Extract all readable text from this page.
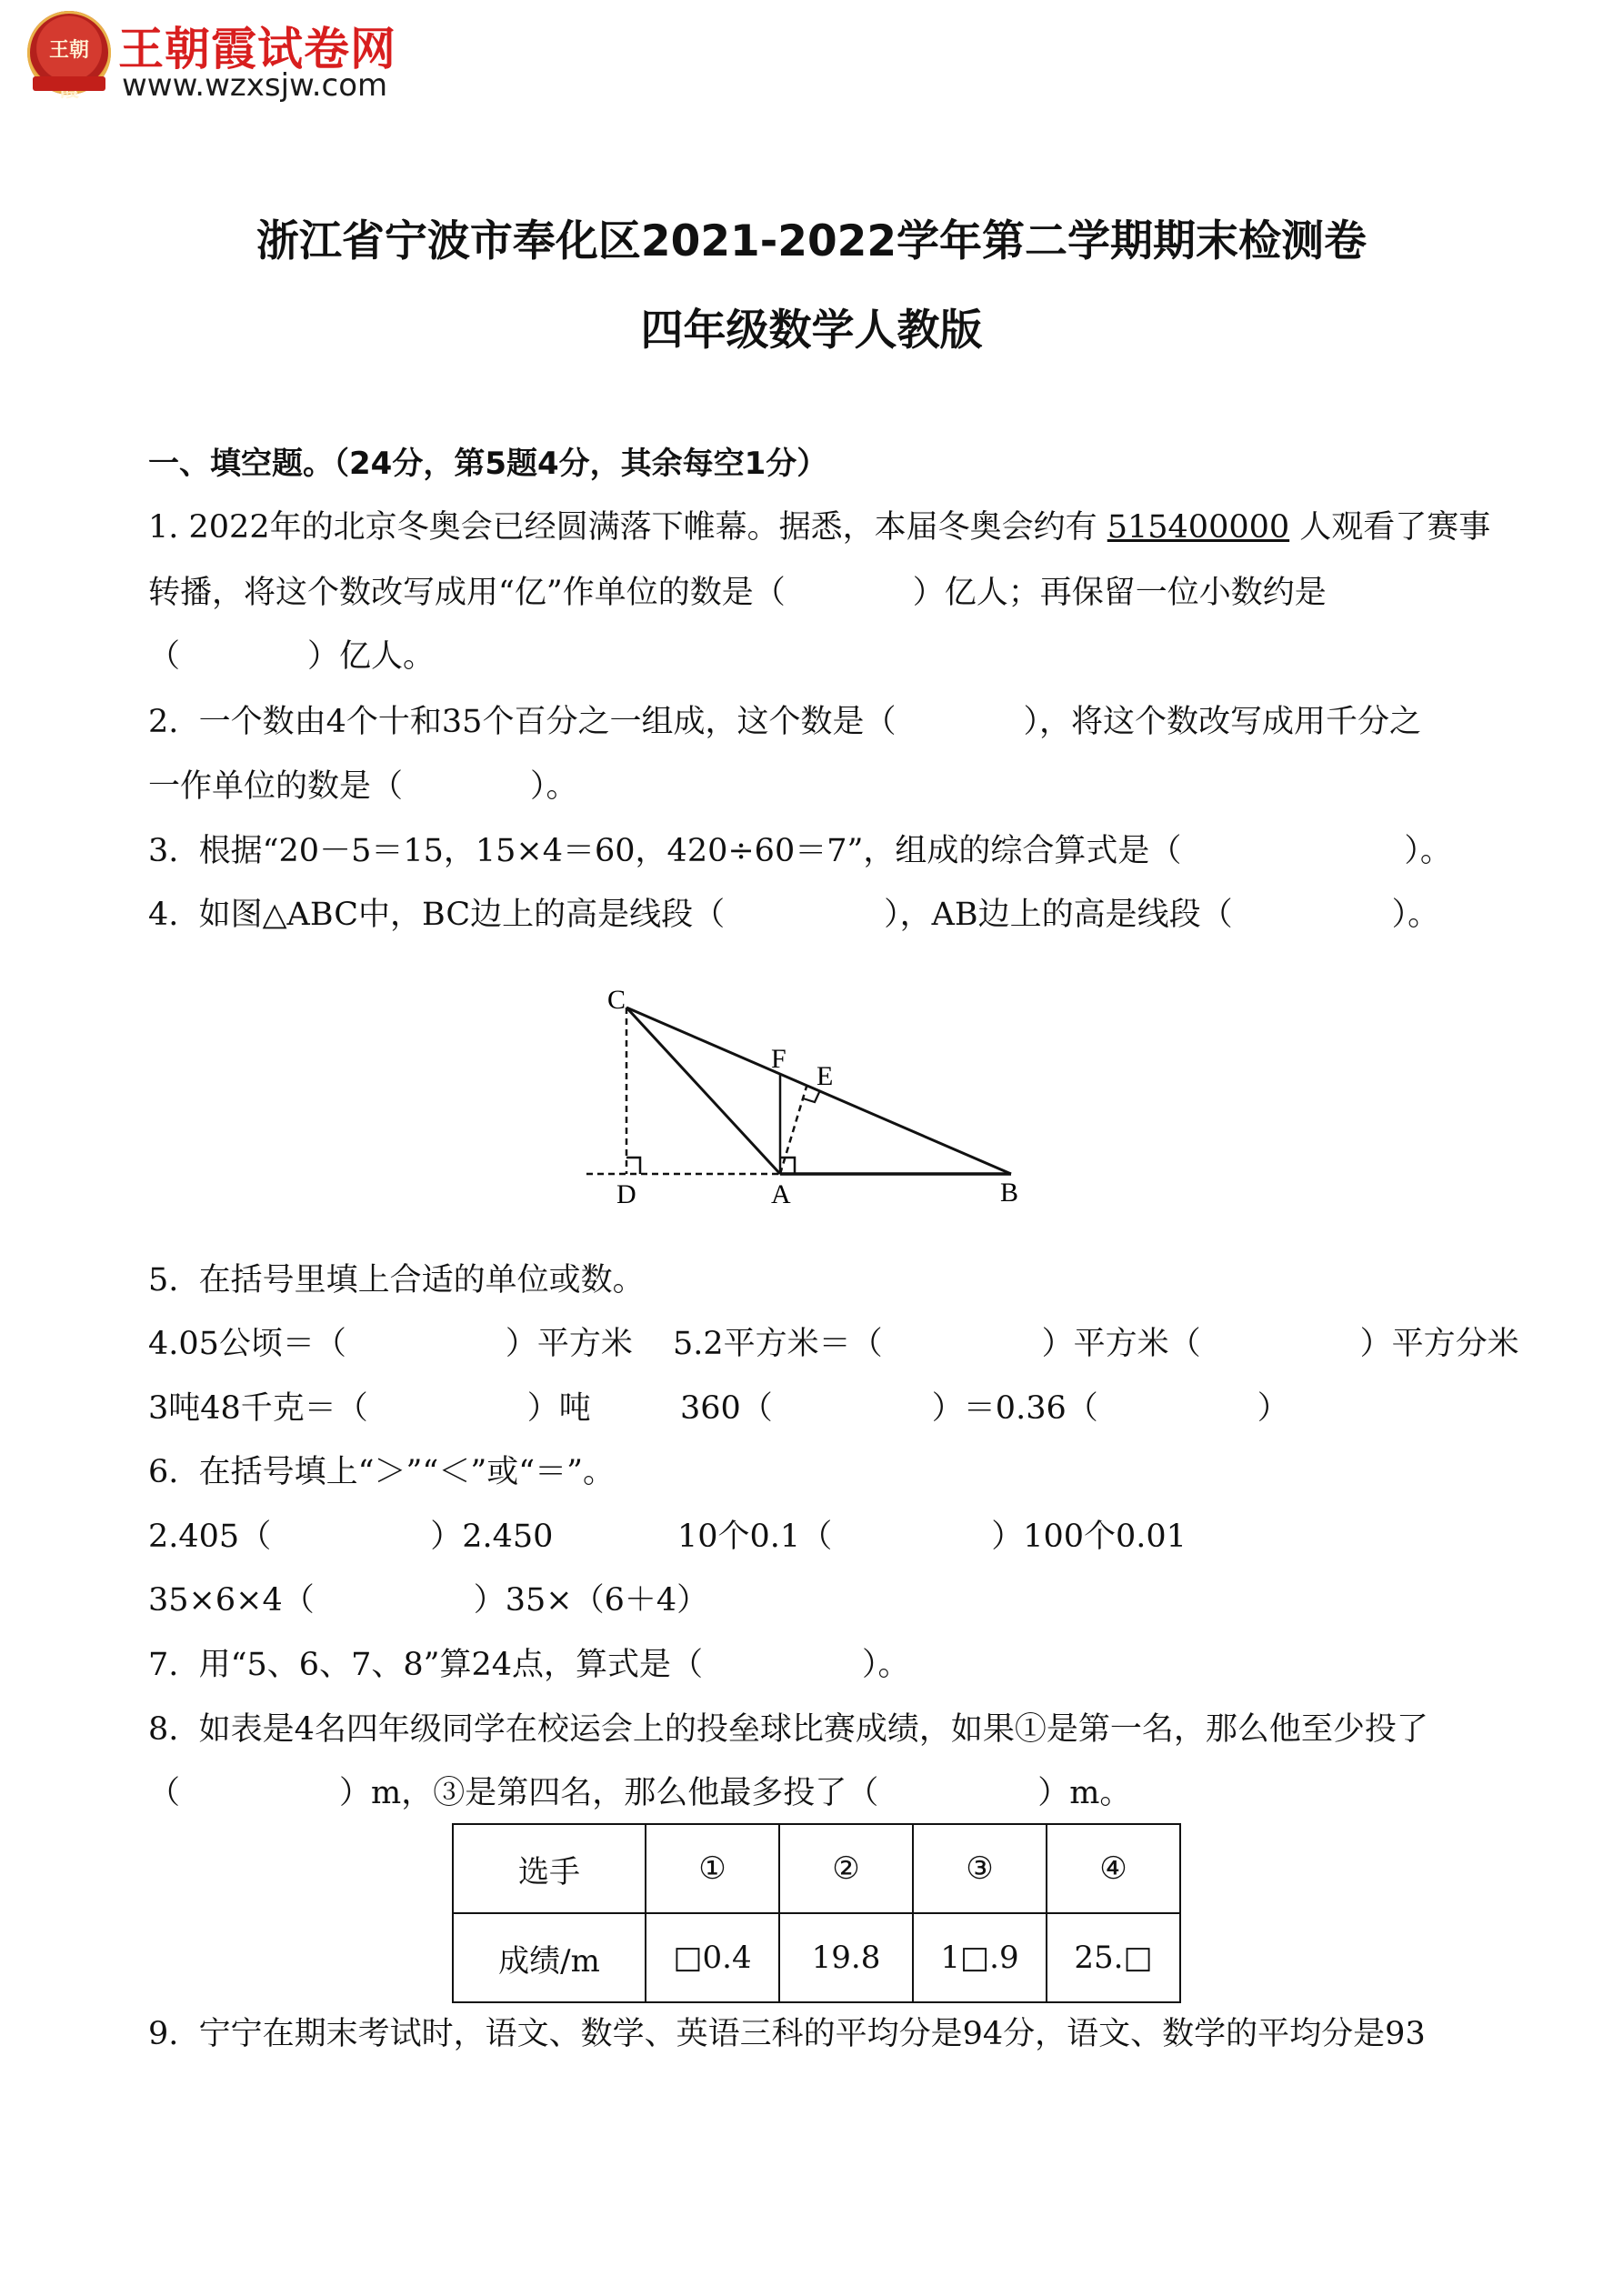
王朝 王朝霞试卷网
www.wzxsjw.com
浙江省宁波市奉化区2021-2022学年第二学期期末检测卷
四年级数学人教版
一、填空题。（24分，第5题4分，其余每空1分）
1. 2022年的北京冬奥会已经圆满落下帷幕。据悉，本届冬奥会约有 515400000 人观看了赛事
转播，将这个数改写成用“亿”作单位的数是（　　　　）亿人；再保留一位小数约是
（　　　　）亿人。
2.  一个数由4个十和35个百分之一组成，这个数是（　　　　），将这个数改写成用千分之
一作单位的数是（　　　　）。
3.  根据“20－5＝15，15×4＝60，420÷60＝7”，组成的综合算式是（　　　　　　　）。
4.  如图△ABC中，BC边上的高是线段（　　　　　），AB边上的高是线段（　　　　　）。
C
F
E
D	A	B
5.  在括号里填上合适的单位或数。
4.05公顷＝（　　　　　）平方米 5.2平方米＝（　　　　　）平方米（　　　　　）平方分米
3吨48千克＝（　　　　　）吨	360（　　　　　）＝0.36（　　　　　）
6.  在括号填上“＞”“＜”或“＝”。
2.405（　　　　　）2.450	10个0.1（　　　　　）100个0.01
35×6×4（　　　　　）35×（6＋4）
7.  用“5、6、7、8”算24点，算式是（　　　　　）。
8.  如表是4名四年级同学在校运会上的投垒球比赛成绩，如果①是第一名，那么他至少投了
（　　　　　）m，③是第四名，那么他最多投了（　　　　　）m。
选手	①	②	③	④
成绩/m	□0.4	19.8	1□.9	25.□
9.  宁宁在期末考试时，语文、数学、英语三科的平均分是94分，语文、数学的平均分是93
